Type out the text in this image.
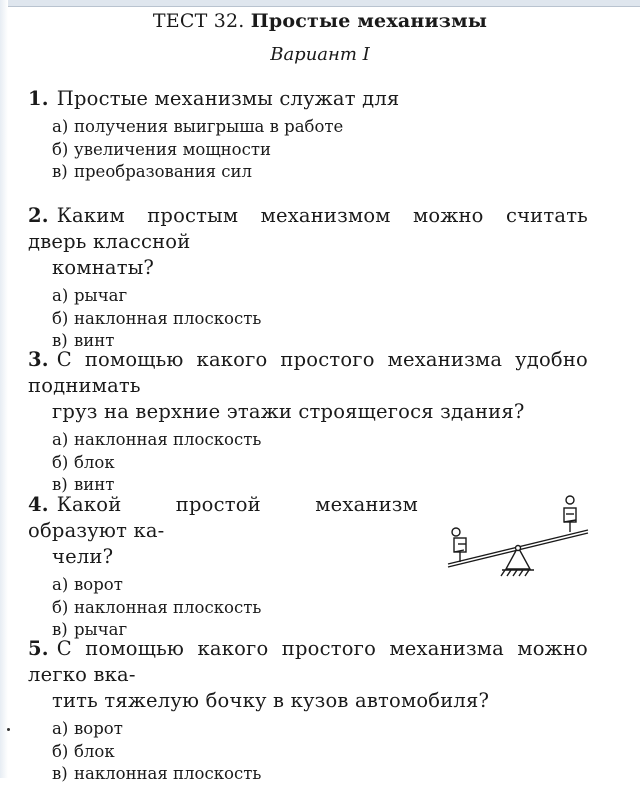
ТЕСТ 32. Простые механизмы
Вариант I
1. Простые механизмы служат для
а) получения выигрыша в работе
б) увеличения мощности
в) преобразования сил
2. Каким простым механизмом можно считать дверь классной
комнаты?
а) рычаг
б) наклонная плоскость
в) винт
3. С помощью какого простого механизма удобно поднимать
груз на верхние этажи строящегося здания?
а) наклонная плоскость
б) блок
в) винт
4. Какой простой механизм образуют ка-
чели?
а) ворот
б) наклонная плоскость
в) рычаг
5. С помощью какого простого механизма можно легко вка-
тить тяжелую бочку в кузов автомобиля?
а) ворот
б) блок
в) наклонная плоскость
